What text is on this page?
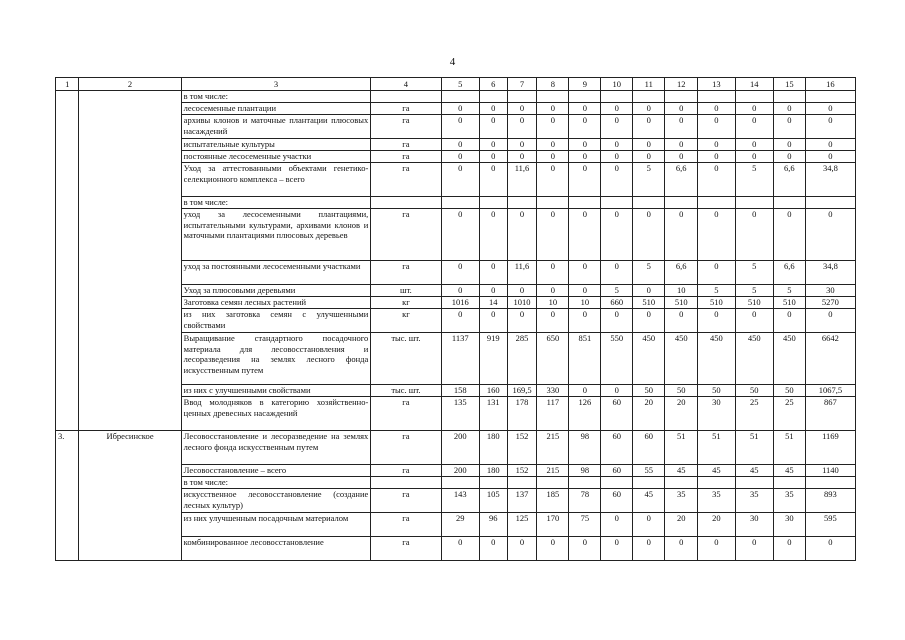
4
1	2	3	4	5	6	7	8	9	10	11	12	13	14	15	16
		в том числе:													
		лесосеменные плантации	га	0	0	0	0	0	0	0	0	0	0	0	0
		архивы клонов и маточные плантации плюсовых насаждений	га	0	0	0	0	0	0	0	0	0	0	0	0
		испытательные культуры	га	0	0	0	0	0	0	0	0	0	0	0	0
		постоянные лесосеменные участки	га	0	0	0	0	0	0	0	0	0	0	0	0
		Уход за аттестованными объектами генетико-селекционного комплекса – всего	га	0	0	11,6	0	0	0	5	6,6	0	5	6,6	34,8
		в том числе:													
		уход за лесосеменными плантациями, испытательными культурами, архивами клонов и маточными плантациями плюсовых деревьев	га	0	0	0	0	0	0	0	0	0	0	0	0
		уход за постоянными лесосеменными участками	га	0	0	11,6	0	0	0	5	6,6	0	5	6,6	34,8
		Уход за плюсовыми деревьями	шт.	0	0	0	0	0	5	0	10	5	5	5	30
		Заготовка семян лесных растений	кг	1016	14	1010	10	10	660	510	510	510	510	510	5270
		из них заготовка семян с улучшенными свойствами	кг	0	0	0	0	0	0	0	0	0	0	0	0
		Выращивание стандартного посадочного материала для лесовосстановления и лесоразведения на землях лесного фонда искусственным путем	тыс. шт.	1137	919	285	650	851	550	450	450	450	450	450	6642
		из них с улучшенными свойствами	тыс. шт.	158	160	169,5	330	0	0	50	50	50	50	50	1067,5
		Ввод молодняков в категорию хозяйственно-ценных древесных насаждений	га	135	131	178	117	126	60	20	20	30	25	25	867
3.	Ибресинское	Лесовосстановление и лесоразведение на землях лесного фонда искусственным путем	га	200	180	152	215	98	60	60	51	51	51	51	1169
		Лесовосстановление – всего	га	200	180	152	215	98	60	55	45	45	45	45	1140
		в том числе:													
		искусственное лесовосстановление (создание лесных культур)	га	143	105	137	185	78	60	45	35	35	35	35	893
		из них улучшенным посадочным материалом	га	29	96	125	170	75	0	0	20	20	30	30	595
		комбинированное лесовосстановление	га	0	0	0	0	0	0	0	0	0	0	0	0
